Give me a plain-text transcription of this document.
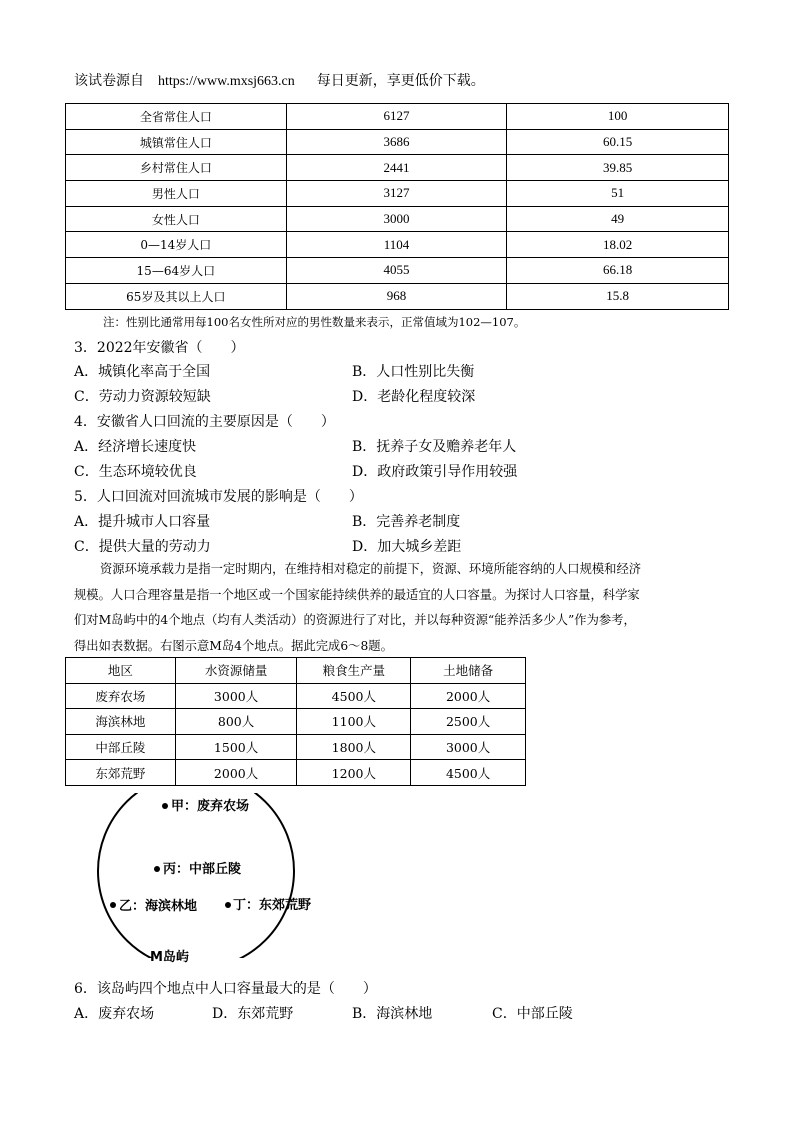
该试卷源自 https://www.mxsj663.cn 每日更新，享更低价下载。
全省常住人口	6127	100
城镇常住人口	3686	60.15
乡村常住人口	2441	39.85
男性人口	3127	51
女性人口	3000	49
0—14岁人口	1104	18.02
15—64岁人口	4055	66.18
65岁及其以上人口	968	15.8
注：性别比通常用每100名女性所对应的男性数量来表示，正常值域为102—107。
3．2022年安徽省（　　）
A．城镇化率高于全国	B．人口性别比失衡
C．劳动力资源较短缺	D．老龄化程度较深
4．安徽省人口回流的主要原因是（　　）
A．经济增长速度快	B．抚养子女及赡养老年人
C．生态环境较优良	D．政府政策引导作用较强
5．人口回流对回流城市发展的影响是（　　）
A．提升城市人口容量	B．完善养老制度
C．提供大量的劳动力	D．加大城乡差距
资源环境承载力是指一定时期内，在维持相对稳定的前提下，资源、环境所能容纳的人口规模和经济
规模。人口合理容量是指一个地区或一个国家能持续供养的最适宜的人口容量。为探讨人口容量，科学家
们对M岛屿中的4个地点（均有人类活动）的资源进行了对比，并以每种资源“能养活多少人”作为参考，
得出如表数据。右图示意M岛4个地点。据此完成6～8题。
地区	水资源储量	粮食生产量	土地储备
废弃农场	3000人	4500人	2000人
海滨林地	800人	1100人	2500人
中部丘陵	1500人	1800人	3000人
东郊荒野	2000人	1200人	4500人
甲：废弃农场
丙：中部丘陵
乙：海滨林地	丁：东郊荒野
M岛屿
6．该岛屿四个地点中人口容量最大的是（　　）
A．废弃农场	D．东郊荒野	B．海滨林地	C．中部丘陵
